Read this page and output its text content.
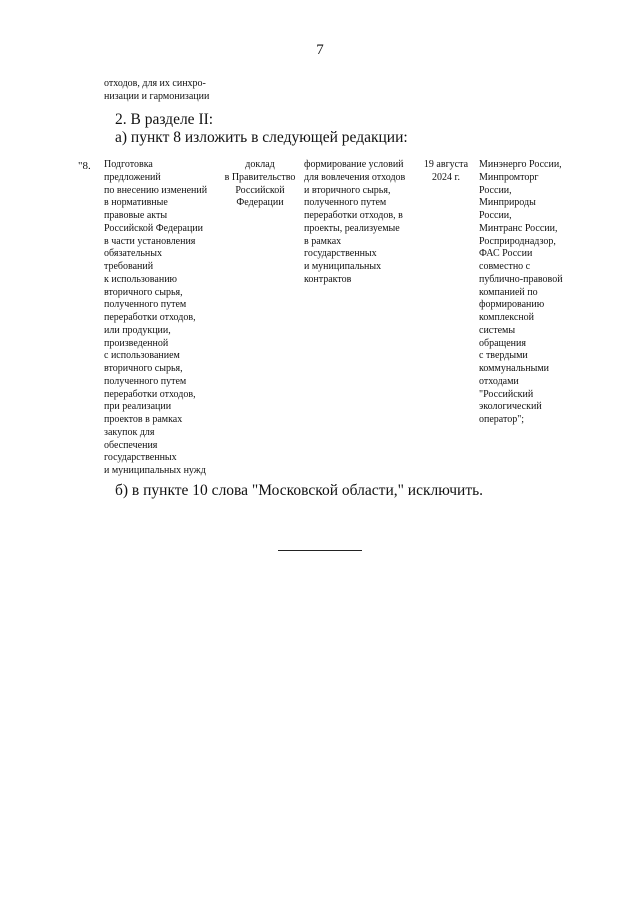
7
отходов, для их синхро-
низации и гармонизации
2. В разделе II:
а) пункт 8 изложить в следующей редакции:
"8. Подготовка
предложений
по внесению изменений
в нормативные
правовые акты
Российской Федерации
в части установления
обязательных
требований
к использованию
вторичного сырья,
полученного путем
переработки отходов,
или продукции,
произведенной
с использованием
вторичного сырья,
полученного путем
переработки отходов,
при реализации
проектов в рамках
закупок для
обеспечения
государственных
и муниципальных нужд
доклад
в Правительство
Российской
Федерации
формирование условий
для вовлечения отходов
и вторичного сырья,
полученного путем
переработки отходов, в
проекты, реализуемые
в рамках
государственных
и муниципальных
контрактов
19 августа
2024 г.
Минэнерго России,
Минпромторг
России,
Минприроды
России,
Минтранс России,
Росприроднадзор,
ФАС России
совместно с
публично-правовой
компанией по
формированию
комплексной
системы
обращения
с твердыми
коммунальными
отходами
"Российский
экологический
оператор";
б) в пункте 10 слова "Московской области," исключить.
